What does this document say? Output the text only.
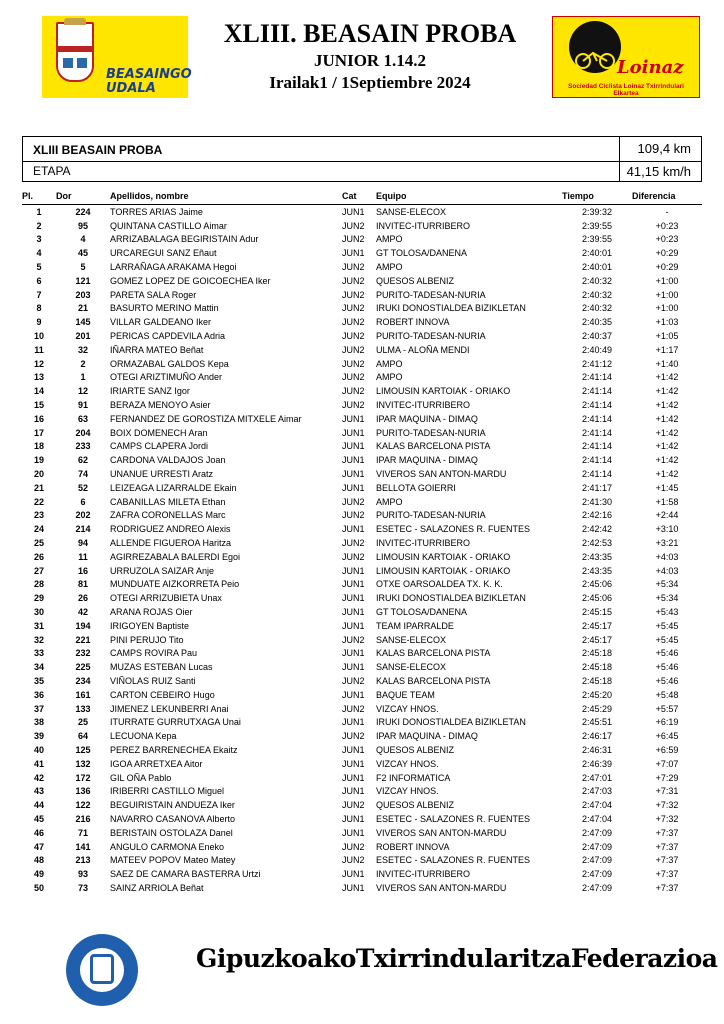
BEASAINGO
UDALA
XLIII. BEASAIN PROBA
JUNIOR 1.14.2
Irailak1 / 1Septiembre 2024
Loinaz
Sociedad Ciclista Loinaz Txirrindulari Elkartea
XLIII BEASAIN PROBA	109,4 km
ETAPA	41,15 km/h
Pl.	Dor	Apellidos, nombre	Cat	Equipo	Tiempo	Diferencia
1	224	TORRES ARIAS Jaime	JUN1	SANSE-ELECOX	2:39:32	-
2	95	QUINTANA CASTILLO Aimar	JUN2	INVITEC-ITURRIBERO	2:39:55	+0:23
3	4	ARRIZABALAGA BEGIRISTAIN Adur	JUN2	AMPO	2:39:55	+0:23
4	45	URCAREGUI SANZ Eñaut	JUN1	GT TOLOSA/DANENA	2:40:01	+0:29
5	5	LARRAÑAGA ARAKAMA Hegoi	JUN2	AMPO	2:40:01	+0:29
6	121	GOMEZ LOPEZ DE GOICOECHEA Iker	JUN2	QUESOS ALBENIZ	2:40:32	+1:00
7	203	PARETA SALA Roger	JUN2	PURITO-TADESAN-NURIA	2:40:32	+1:00
8	21	BASURTO MERINO Mattin	JUN2	IRUKI DONOSTIALDEA BIZIKLETAN	2:40:32	+1:00
9	145	VILLAR GALDEANO Iker	JUN2	ROBERT INNOVA	2:40:35	+1:03
10	201	PERICAS CAPDEVILA Adria	JUN2	PURITO-TADESAN-NURIA	2:40:37	+1:05
11	32	IÑARRA MATEO Beñat	JUN2	ULMA - ALOÑA MENDI	2:40:49	+1:17
12	2	ORMAZABAL GALDOS Kepa	JUN2	AMPO	2:41:12	+1:40
13	1	OTEGI ARIZTIMUÑO Ander	JUN2	AMPO	2:41:14	+1:42
14	12	IRIARTE SANZ Igor	JUN2	LIMOUSIN KARTOIAK - ORIAKO	2:41:14	+1:42
15	91	BERAZA MENOYO Asier	JUN2	INVITEC-ITURRIBERO	2:41:14	+1:42
16	63	FERNANDEZ DE GOROSTIZA MITXELE Aimar	JUN1	IPAR MAQUINA - DIMAQ	2:41:14	+1:42
17	204	BOIX DOMENECH Aran	JUN1	PURITO-TADESAN-NURIA	2:41:14	+1:42
18	233	CAMPS CLAPERA Jordi	JUN1	KALAS BARCELONA PISTA	2:41:14	+1:42
19	62	CARDONA VALDAJOS Joan	JUN1	IPAR MAQUINA - DIMAQ	2:41:14	+1:42
20	74	UNANUE URRESTI Aratz	JUN1	VIVEROS SAN ANTON-MARDU	2:41:14	+1:42
21	52	LEIZEAGA LIZARRALDE Ekain	JUN1	BELLOTA GOIERRI	2:41:17	+1:45
22	6	CABANILLAS MILETA Ethan	JUN2	AMPO	2:41:30	+1:58
23	202	ZAFRA CORONELLAS Marc	JUN2	PURITO-TADESAN-NURIA	2:42:16	+2:44
24	214	RODRIGUEZ ANDREO Alexis	JUN1	ESETEC - SALAZONES R. FUENTES	2:42:42	+3:10
25	94	ALLENDE FIGUEROA Haritza	JUN2	INVITEC-ITURRIBERO	2:42:53	+3:21
26	11	AGIRREZABALA BALERDI Egoi	JUN2	LIMOUSIN KARTOIAK - ORIAKO	2:43:35	+4:03
27	16	URRUZOLA SAIZAR Anje	JUN1	LIMOUSIN KARTOIAK - ORIAKO	2:43:35	+4:03
28	81	MUNDUATE AIZKORRETA Peio	JUN1	OTXE OARSOALDEA TX. K. K.	2:45:06	+5:34
29	26	OTEGI ARRIZUBIETA Unax	JUN1	IRUKI DONOSTIALDEA BIZIKLETAN	2:45:06	+5:34
30	42	ARANA ROJAS Oier	JUN1	GT TOLOSA/DANENA	2:45:15	+5:43
31	194	IRIGOYEN Baptiste	JUN1	TEAM IPARRALDE	2:45:17	+5:45
32	221	PINI PERUJO Tito	JUN2	SANSE-ELECOX	2:45:17	+5:45
33	232	CAMPS ROVIRA Pau	JUN1	KALAS BARCELONA PISTA	2:45:18	+5:46
34	225	MUZAS ESTEBAN Lucas	JUN1	SANSE-ELECOX	2:45:18	+5:46
35	234	VIÑOLAS RUIZ Santi	JUN2	KALAS BARCELONA PISTA	2:45:18	+5:46
36	161	CARTON CEBEIRO Hugo	JUN1	BAQUE TEAM	2:45:20	+5:48
37	133	JIMENEZ LEKUNBERRI Anai	JUN2	VIZCAY HNOS.	2:45:29	+5:57
38	25	ITURRATE GURRUTXAGA Unai	JUN1	IRUKI DONOSTIALDEA BIZIKLETAN	2:45:51	+6:19
39	64	LECUONA Kepa	JUN2	IPAR MAQUINA - DIMAQ	2:46:17	+6:45
40	125	PEREZ BARRENECHEA Ekaitz	JUN1	QUESOS ALBENIZ	2:46:31	+6:59
41	132	IGOA ARRETXEA Aitor	JUN1	VIZCAY HNOS.	2:46:39	+7:07
42	172	GIL OÑA Pablo	JUN1	F2 INFORMATICA	2:47:01	+7:29
43	136	IRIBERRI CASTILLO Miguel	JUN1	VIZCAY HNOS.	2:47:03	+7:31
44	122	BEGUIRISTAIN ANDUEZA Iker	JUN2	QUESOS ALBENIZ	2:47:04	+7:32
45	216	NAVARRO CASANOVA Alberto	JUN1	ESETEC - SALAZONES R. FUENTES	2:47:04	+7:32
46	71	BERISTAIN OSTOLAZA Danel	JUN1	VIVEROS SAN ANTON-MARDU	2:47:09	+7:37
47	141	ANGULO CARMONA Eneko	JUN2	ROBERT INNOVA	2:47:09	+7:37
48	213	MATEEV POPOV Mateo Matey	JUN2	ESETEC - SALAZONES R. FUENTES	2:47:09	+7:37
49	93	SAEZ DE CAMARA BASTERRA Urtzi	JUN1	INVITEC-ITURRIBERO	2:47:09	+7:37
50	73	SAINZ ARRIOLA Beñat	JUN1	VIVEROS SAN ANTON-MARDU	2:47:09	+7:37
GipuzkoakoTxirrindularitzaFederazioa
